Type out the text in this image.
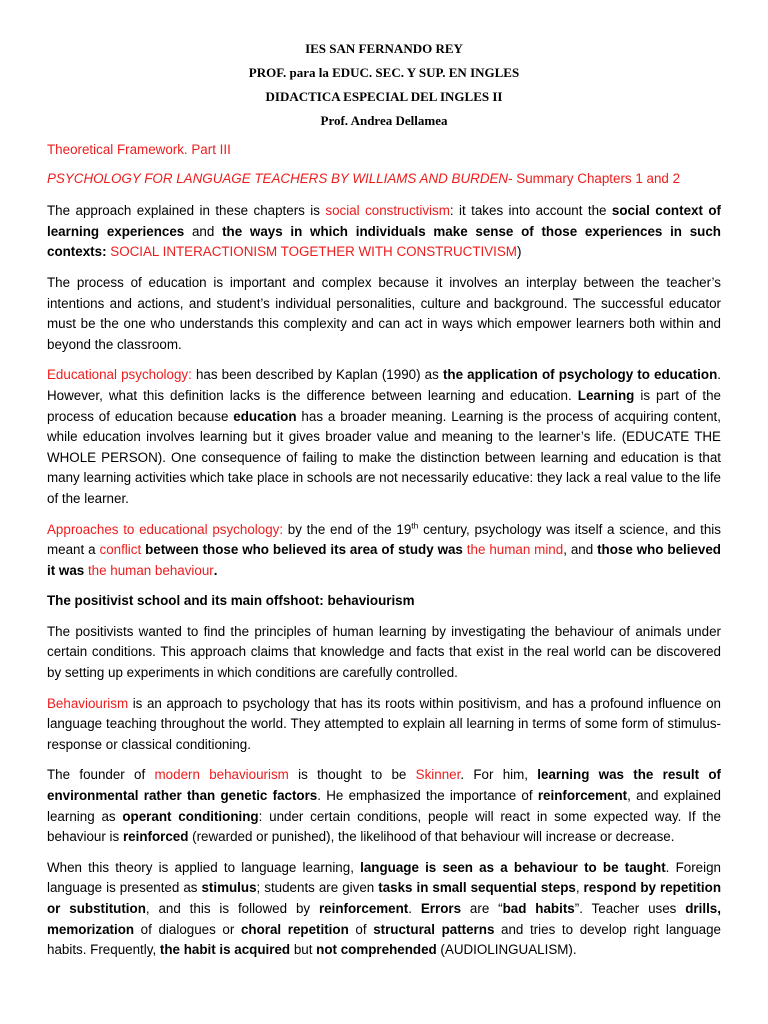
IES SAN FERNANDO REY
PROF. para la EDUC. SEC. Y SUP. EN INGLES
DIDACTICA ESPECIAL DEL INGLES II
Prof. Andrea Dellamea

Theoretical Framework. Part III

PSYCHOLOGY FOR LANGUAGE TEACHERS BY WILLIAMS AND BURDEN- Summary Chapters 1 and 2

The approach explained in these chapters is social constructivism: it takes into account the social context of learning experiences and the ways in which individuals make sense of those experiences in such contexts: SOCIAL INTERACTIONISM TOGETHER WITH CONSTRUCTIVISM)

The process of education is important and complex because it involves an interplay between the teacher’s intentions and actions, and student’s individual personalities, culture and background. The successful educator must be the one who understands this complexity and can act in ways which empower learners both within and beyond the classroom.

Educational psychology: has been described by Kaplan (1990) as the application of psychology to education. However, what this definition lacks is the difference between learning and education. Learning is part of the process of education because education has a broader meaning. Learning is the process of acquiring content, while education involves learning but it gives broader value and meaning to the learner’s life. (EDUCATE THE WHOLE PERSON). One consequence of failing to make the distinction between learning and education is that many learning activities which take place in schools are not necessarily educative: they lack a real value to the life of the learner.

Approaches to educational psychology: by the end of the 19th century, psychology was itself a science, and this meant a conflict between those who believed its area of study was the human mind, and those who believed it was the human behaviour.

The positivist school and its main offshoot: behaviourism

The positivists wanted to find the principles of human learning by investigating the behaviour of animals under certain conditions. This approach claims that knowledge and facts that exist in the real world can be discovered by setting up experiments in which conditions are carefully controlled.

Behaviourism is an approach to psychology that has its roots within positivism, and has a profound influence on language teaching throughout the world. They attempted to explain all learning in terms of some form of stimulus-response or classical conditioning.

The founder of modern behaviourism is thought to be Skinner. For him, learning was the result of environmental rather than genetic factors. He emphasized the importance of reinforcement, and explained learning as operant conditioning: under certain conditions, people will react in some expected way. If the behaviour is reinforced (rewarded or punished), the likelihood of that behaviour will increase or decrease.

When this theory is applied to language learning, language is seen as a behaviour to be taught. Foreign language is presented as stimulus; students are given tasks in small sequential steps, respond by repetition or substitution, and this is followed by reinforcement. Errors are “bad habits”. Teacher uses drills, memorization of dialogues or choral repetition of structural patterns and tries to develop right language habits. Frequently, the habit is acquired but not comprehended (AUDIOLINGUALISM).
